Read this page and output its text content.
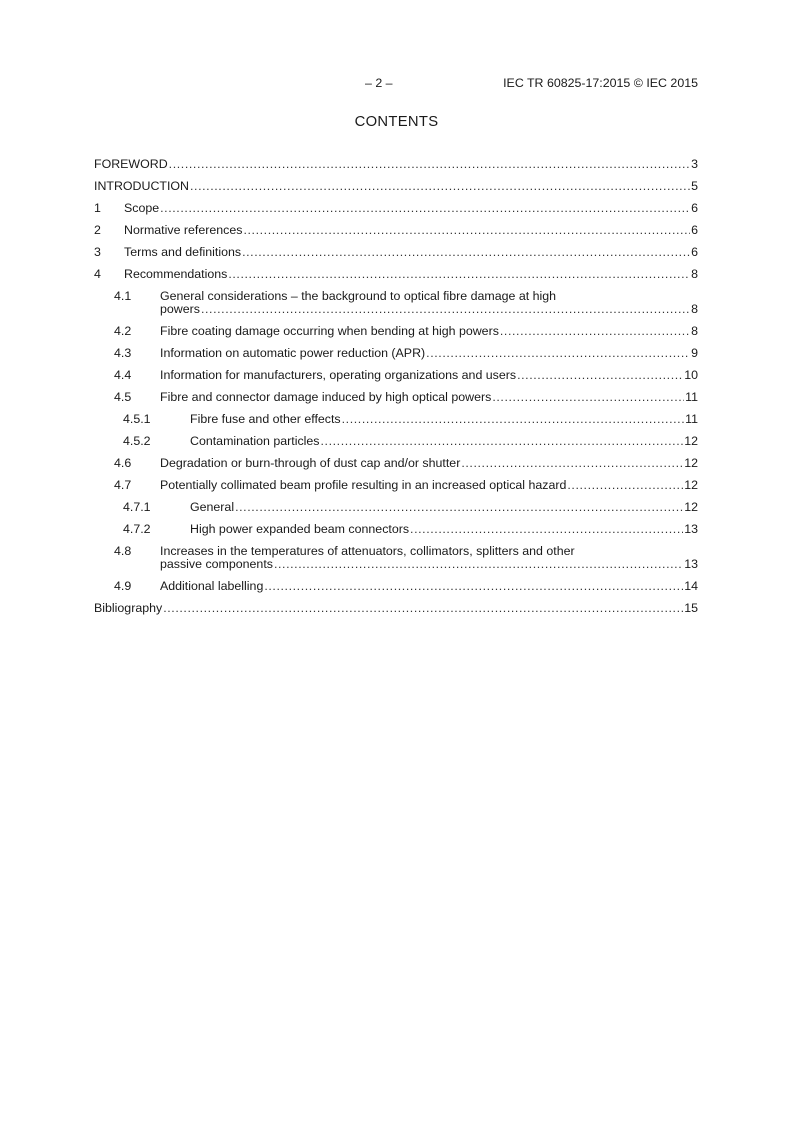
– 2 –	IEC TR 60825-17:2015 © IEC 2015
CONTENTS
FOREWORD .....	3
INTRODUCTION .....	5
1 Scope .....	6
2 Normative references .....	6
3 Terms and definitions .....	6
4 Recommendations .....	8
4.1 General considerations – the background to optical fibre damage at high
powers .....	8
4.2 Fibre coating damage occurring when bending at high powers .....	8
4.3 Information on automatic power reduction (APR) .....	9
4.4 Information for manufacturers, operating organizations and users .....	10
4.5 Fibre and connector damage induced by high optical powers .....	11
4.5.1	Fibre fuse and other effects .....	11
4.5.2	Contamination particles .....	12
4.6 Degradation or burn-through of dust cap and/or shutter .....	12
4.7 Potentially collimated beam profile resulting in an increased optical hazard .....	12
4.7.1	General .....	12
4.7.2	High power expanded beam connectors .....	13
4.8 Increases in the temperatures of attenuators, collimators, splitters and other
passive components .....	13
4.9 Additional labelling .....	14
Bibliography .....	15
